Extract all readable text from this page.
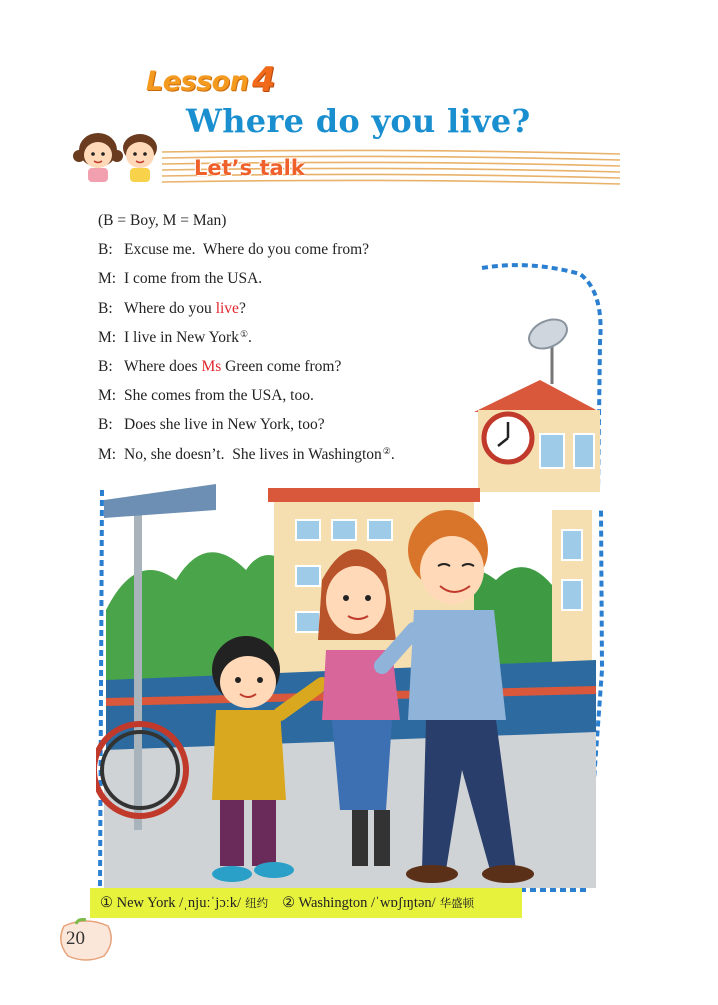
Lesson 4
Where do you live?
Let’s talk
(B = Boy, M = Man)
B: Excuse me.  Where do you come from?
M: I come from the USA.
B: Where do you live ?
M: I live in New York ① .
B: Where does Ms Green come from?
M: She comes from the USA, too.
B: Does she live in New York, too?
M: No, she doesn’t.  She lives in Washington ② .
① New York /ˌnjuːˈjɔːk/ 纽约 ② Washington /ˈwɒʃɪŋtən/ 华盛顿
20
